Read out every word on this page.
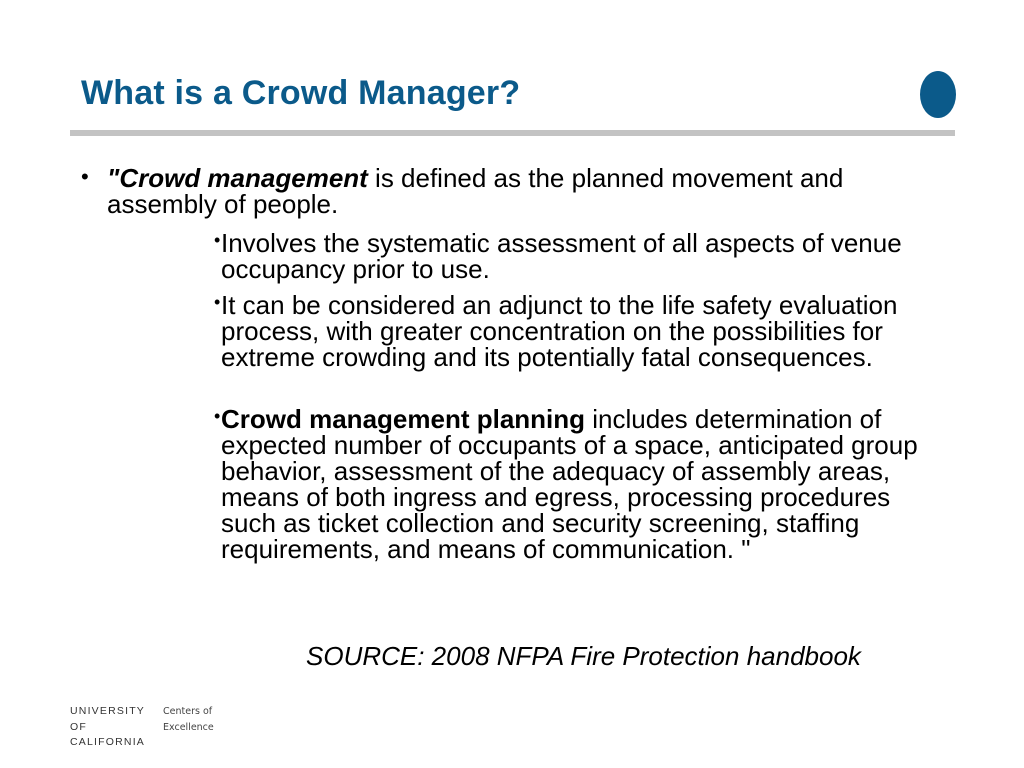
What is a Crowd Manager?
• "Crowd management is defined as the planned movement and assembly of people.
• Involves the systematic assessment of all aspects of venue occupancy prior to use.
• It can be considered an adjunct to the life safety evaluation process, with greater concentration on the possibilities for extreme crowding and its potentially fatal consequences.
• Crowd management planning includes determination of expected number of occupants of a space, anticipated group behavior, assessment of the adequacy of assembly areas, means of both ingress and egress, processing procedures such as ticket collection and security screening, staffing requirements, and means of communication. "
SOURCE: 2008 NFPA Fire Protection handbook
UNIVERSITY
OF
CALIFORNIA
Centers of
Excellence
